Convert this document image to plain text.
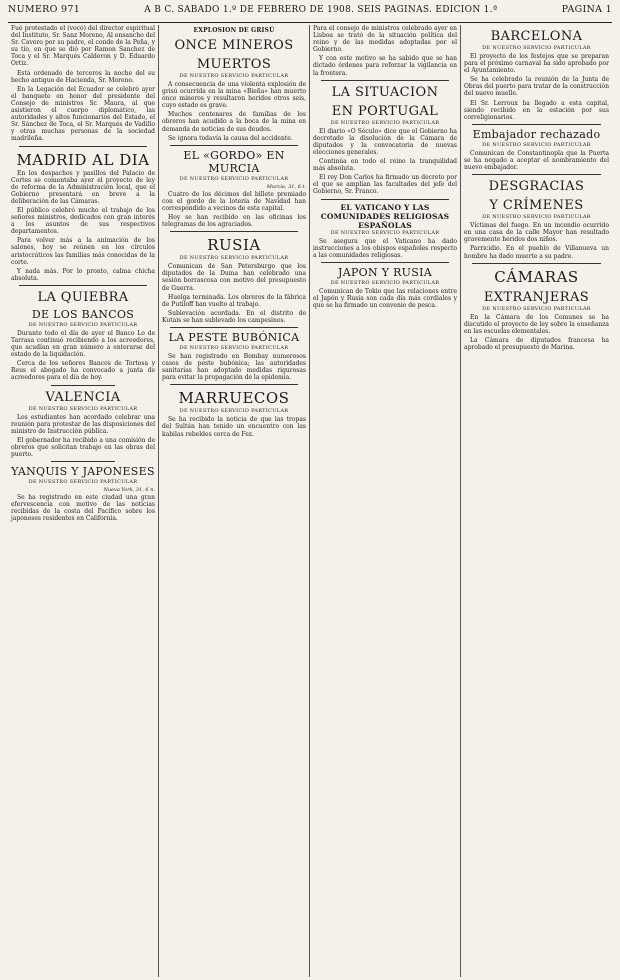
NUMERO 971	A B C. SABADO 1.º DE FEBRERO DE 1908. SEIS PAGINAS. EDICION 1.ª	PAGINA 1

Fué protestado el (vocó) del director espiritual del Instituto, Sr. Sanz Moreno, Al ensancho del Sr. Cavero por su padre, el conde de la Peña, y su tío, en que se dió por Ramon Sanchez de Toca y el Sr. Marqués Calderon y D. Eduardo Ortiz.

Está ordenado de terceros la noche del su hecho antiguo de Hacienda, Sr. Moreno.

En la Legación del Ecuador se celebró ayer el banquete en honor del presidente del Consejo de ministros Sr. Maura, al que asistieron el cuerpo diplomático, las autoridades y altos funcionarios del Estado, el Sr. Sánchez de Toca, el Sr. Marqués de Vadillo y otras muchas personas de la sociedad madrileña.

MADRID AL DIA

En los despachos y pasillos del Palacio de Cortes se comentaba ayer el proyecto de ley de reforma de la Administración local, que el Gobierno presentará en breve a la deliberación de las Cámaras.

El público celebró mucho el trabajo de los señores ministros, dedicados con gran interés a los asuntos de sus respectivos departamentos.

Para volver más a la animación de los salones, hoy se reúnen en los círculos aristocráticos las familias más conocidas de la corte.

Y nada más. Por lo pronto, calma chicha absoluta.

LA QUIEBRA
DE LOS BANCOS
DE NUESTRO SERVICIO PARTICULAR

Durante todo el día de ayer el Banco Lo de Tarrasa continuó recibiendo a los acreedores, que acudían en gran número a enterarse del estado de la liquidación.

Cerca de los señores Bancos de Tortosa y Reus el abogado ha convocado a junta de acreedores para el día de hoy.

VALENCIA
DE NUESTRO SERVICIO PARTICULAR

Los estudiantes han acordado celebrar una reunión para protestar de las disposiciones del ministro de Instrucción pública.

El gobernador ha recibido a una comisión de obreros que solicitan trabajo en las obras del puerto.

YANQUIS Y JAPONESES
DE NUESTRO SERVICIO PARTICULAR
Nueva York, 31, 6 n.

Se ha registrado en este ciudad una gran efervescencia con motivo de las noticias recibidas de la costa del Pacífico sobre los japoneses residentes en California.

EXPLOSION DE GRISÚ
ONCE MINEROS
MUERTOS
DE NUESTRO SERVICIO PARTICULAR

A consecuencia de una violenta explosión de grisú ocurrida en la mina «Bieña» han muerto once mineros y resultaron heridos otros seis, cuyo estado es grave.

Muchos centenares de familias de los obreros han acudido a la boca de la mina en demanda de noticias de sus deudos.

Se ignora todavía la causa del accidente.

EL «GORDO» EN MURCIA
DE NUESTRO SERVICIO PARTICULAR
Murcia, 31, 6 t.

Cuatro de los décimos del billete premiado con el gordo de la lotería de Navidad han correspondido a vecinos de esta capital.

Hoy se han recibido en las oficinas los telegramas de los agraciados.

RUSIA
DE NUESTRO SERVICIO PARTICULAR

Comunican de San Petersburgo que los diputados de la Duma han celebrado una sesión borrascosa con motivo del presupuesto de Guerra.

Huelga terminada. Los obreros de la fábrica de Putiloff han vuelto al trabajo.

Sublevación acordada. En el distrito de Kutais se han sublevado los campesinos.

LA PESTE BUBÓNICA
DE NUESTRO SERVICIO PARTICULAR

Se han registrado en Bombay numerosos casos de peste bubónica; las autoridades sanitarias han adoptado medidas rigurosas para evitar la propagación de la epidemia.

MARRUECOS
DE NUESTRO SERVICIO PARTICULAR

Se ha recibido la noticia de que las tropas del Sultán han tenido un encuentro con las kabilas rebeldes cerca de Fez.

Para el consejo de ministros celebrado ayer en Lisboa se trató de la situación política del reino y de las medidas adoptadas por el Gobierno.

Y con este motivo se ha sabido que se han dictado órdenes para reforzar la vigilancia en la frontera.

LA SITUACION
EN PORTUGAL
DE NUESTRO SERVICIO PARTICULAR

El diario «O Século» dice que el Gobierno ha decretado la disolución de la Cámara de diputados y la convocatoria de nuevas elecciones generales.

Continúa en todo el reino la tranquilidad más absoluta.

El rey Don Carlos ha firmado un decreto por el que se amplían las facultades del jefe del Gobierno, Sr. Franco.

EL VATICANO Y LAS COMUNIDADES RELIGIOSAS ESPAÑOLAS
DE NUESTRO SERVICIO PARTICULAR

Se asegura que el Vaticano ha dado instrucciones a los obispos españoles respecto a las comunidades religiosas.

JAPON Y RUSIA
DE NUESTRO SERVICIO PARTICULAR

Comunican de Tokio que las relaciones entre el Japón y Rusia son cada día más cordiales y que se ha firmado un convenio de pesca.

BARCELONA
DE NUESTRO SERVICIO PARTICULAR

El proyecto de los festejos que se preparan para el próximo carnaval ha sido aprobado por el Ayuntamiento.

Se ha celebrado la reunión de la Junta de Obras del puerto para tratar de la construcción del nuevo muelle.

El Sr. Lerroux ha llegado a esta capital, siendo recibido en la estación por sus correligionarios.

Embajador rechazado
DE NUESTRO SERVICIO PARTICULAR

Comunican de Constantinopla que la Puerta se ha negado a aceptar el nombramiento del nuevo embajador.

DESGRACIAS
Y CRÍMENES
DE NUESTRO SERVICIO PARTICULAR

Víctimas del fuego. En un incendio ocurrido en una casa de la calle Mayor han resultado gravemente heridos dos niños.

Parricidio. En el pueblo de Villanueva un hombre ha dado muerte a su padre.

CÁMARAS
EXTRANJERAS
DE NUESTRO SERVICIO PARTICULAR

En la Cámara de los Comunes se ha discutido el proyecto de ley sobre la enseñanza en las escuelas elementales.

La Cámara de diputados francesa ha aprobado el presupuesto de Marina.
